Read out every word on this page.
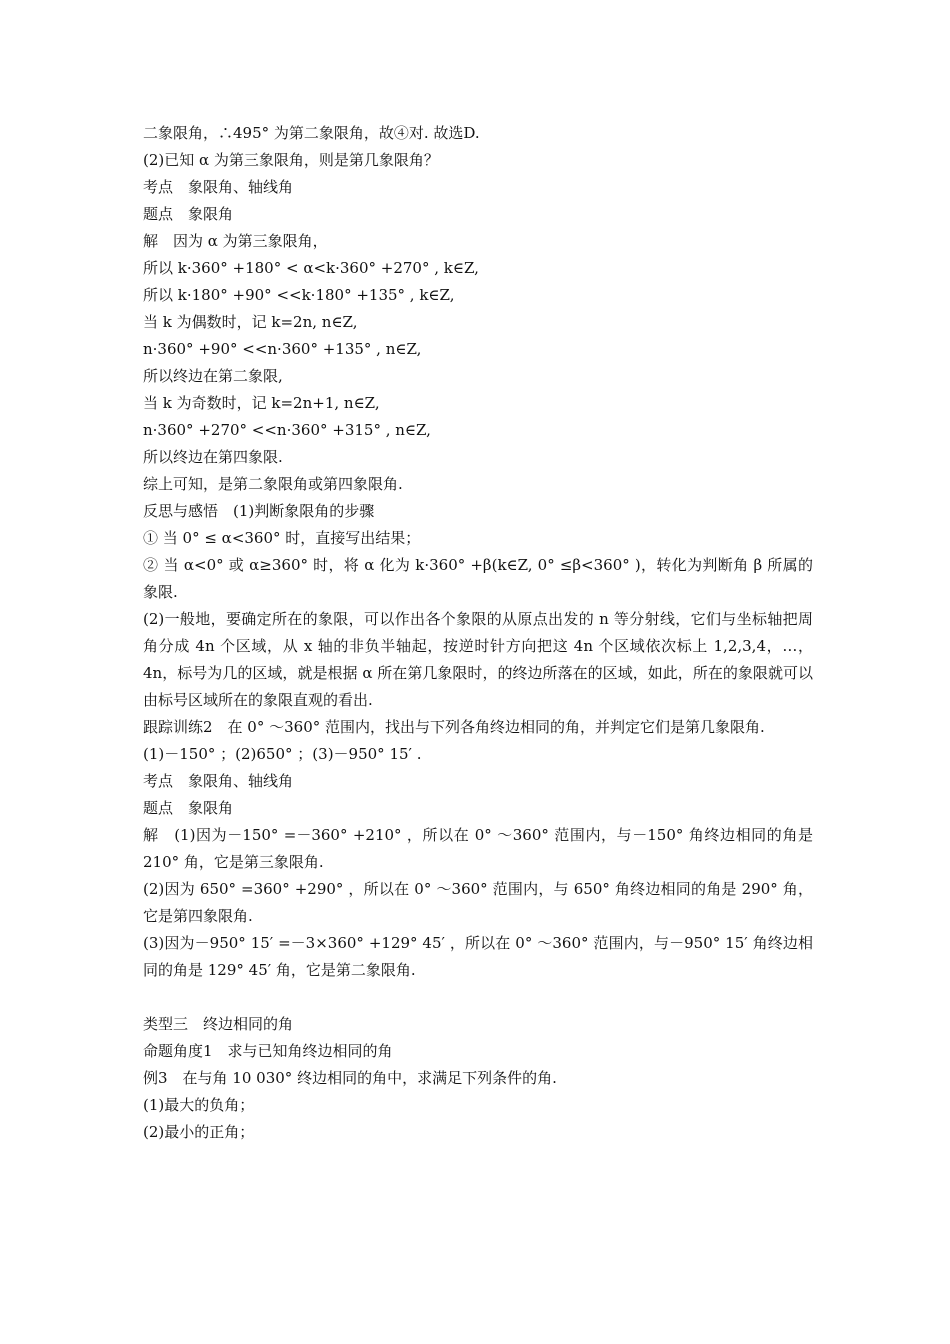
二象限角，∴495° 为第二象限角，故④对. 故选D.
(2)已知 α 为第三象限角，则是第几象限角？
考点　象限角、轴线角
题点　象限角
解　因为 α 为第三象限角，
所以 k·360° +180° < α<k·360° +270° , k∈Z,
所以 k·180° +90° <<k·180° +135° , k∈Z,
当 k 为偶数时，记 k=2n, n∈Z,
n·360° +90° <<n·360° +135° , n∈Z,
所以终边在第二象限,
当 k 为奇数时，记 k=2n+1, n∈Z,
n·360° +270° <<n·360° +315° , n∈Z,
所以终边在第四象限.
综上可知，是第二象限角或第四象限角.
反思与感悟　(1)判断象限角的步骤
① 当 0° ≤ α<360° 时，直接写出结果；
② 当 α<0° 或 α≥360° 时，将 α 化为 k·360° +β(k∈Z, 0° ≤β<360° )，转化为判断角 β 所属的象限.
(2)一般地，要确定所在的象限，可以作出各个象限的从原点出发的 n 等分射线，它们与坐标轴把周角分成 4n 个区域，从 x 轴的非负半轴起，按逆时针方向把这 4n 个区域依次标上 1,2,3,4，…，4n，标号为几的区域，就是根据 α 所在第几象限时，的终边所落在的区域，如此，所在的象限就可以由标号区域所在的象限直观的看出.
跟踪训练2　在 0° ～360° 范围内，找出与下列各角终边相同的角，并判定它们是第几象限角.
(1)－150° ；(2)650° ；(3)－950° 15′ .
考点　象限角、轴线角
题点　象限角
解　(1)因为－150° =－360° +210° ，所以在 0° ～360° 范围内，与－150° 角终边相同的角是 210° 角，它是第三象限角.
(2)因为 650° =360° +290° ，所以在 0° ～360° 范围内，与 650° 角终边相同的角是 290° 角，它是第四象限角.
(3)因为－950° 15′ =－3×360° +129° 45′ ，所以在 0° ～360° 范围内，与－950° 15′ 角终边相同的角是 129° 45′ 角，它是第二象限角.
类型三　终边相同的角
命题角度1　求与已知角终边相同的角
例3　在与角 10 030° 终边相同的角中，求满足下列条件的角.
(1)最大的负角；
(2)最小的正角；
